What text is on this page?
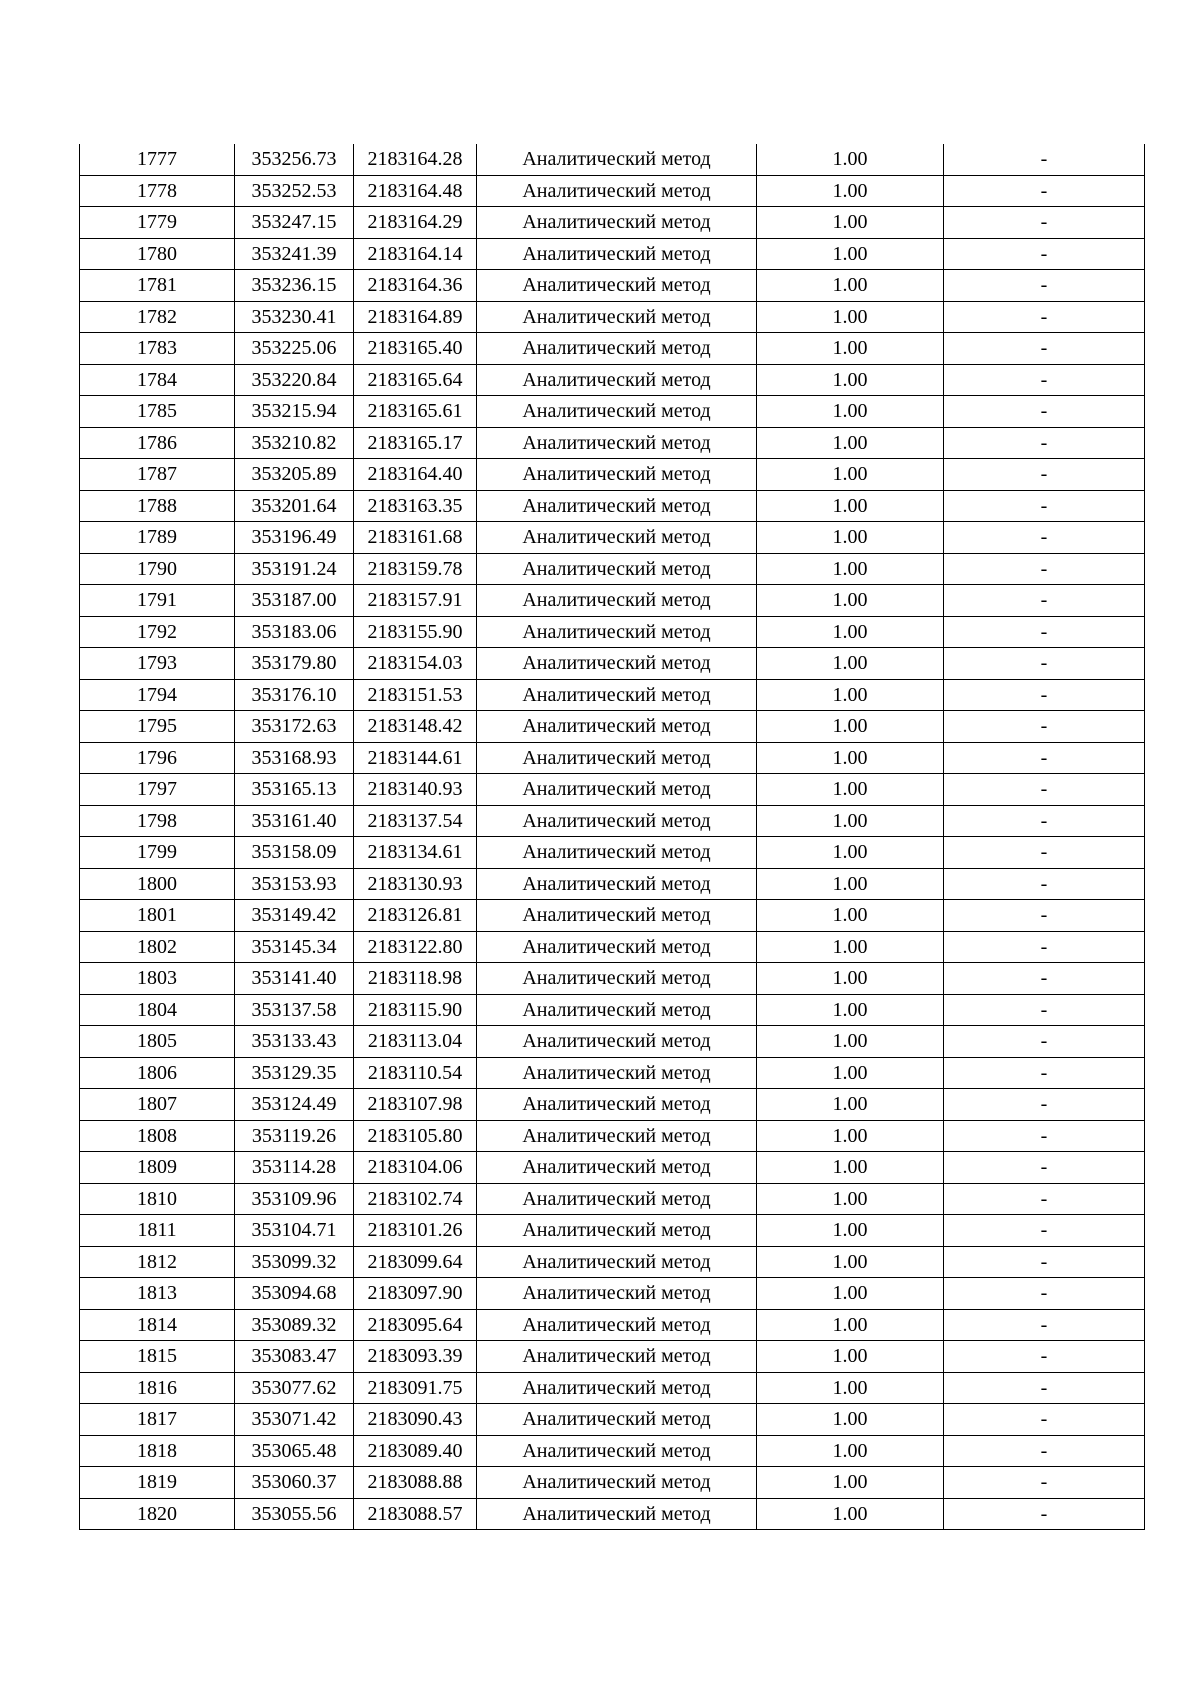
1777	353256.73	2183164.28	Аналитический метод	1.00	-
1778	353252.53	2183164.48	Аналитический метод	1.00	-
1779	353247.15	2183164.29	Аналитический метод	1.00	-
1780	353241.39	2183164.14	Аналитический метод	1.00	-
1781	353236.15	2183164.36	Аналитический метод	1.00	-
1782	353230.41	2183164.89	Аналитический метод	1.00	-
1783	353225.06	2183165.40	Аналитический метод	1.00	-
1784	353220.84	2183165.64	Аналитический метод	1.00	-
1785	353215.94	2183165.61	Аналитический метод	1.00	-
1786	353210.82	2183165.17	Аналитический метод	1.00	-
1787	353205.89	2183164.40	Аналитический метод	1.00	-
1788	353201.64	2183163.35	Аналитический метод	1.00	-
1789	353196.49	2183161.68	Аналитический метод	1.00	-
1790	353191.24	2183159.78	Аналитический метод	1.00	-
1791	353187.00	2183157.91	Аналитический метод	1.00	-
1792	353183.06	2183155.90	Аналитический метод	1.00	-
1793	353179.80	2183154.03	Аналитический метод	1.00	-
1794	353176.10	2183151.53	Аналитический метод	1.00	-
1795	353172.63	2183148.42	Аналитический метод	1.00	-
1796	353168.93	2183144.61	Аналитический метод	1.00	-
1797	353165.13	2183140.93	Аналитический метод	1.00	-
1798	353161.40	2183137.54	Аналитический метод	1.00	-
1799	353158.09	2183134.61	Аналитический метод	1.00	-
1800	353153.93	2183130.93	Аналитический метод	1.00	-
1801	353149.42	2183126.81	Аналитический метод	1.00	-
1802	353145.34	2183122.80	Аналитический метод	1.00	-
1803	353141.40	2183118.98	Аналитический метод	1.00	-
1804	353137.58	2183115.90	Аналитический метод	1.00	-
1805	353133.43	2183113.04	Аналитический метод	1.00	-
1806	353129.35	2183110.54	Аналитический метод	1.00	-
1807	353124.49	2183107.98	Аналитический метод	1.00	-
1808	353119.26	2183105.80	Аналитический метод	1.00	-
1809	353114.28	2183104.06	Аналитический метод	1.00	-
1810	353109.96	2183102.74	Аналитический метод	1.00	-
1811	353104.71	2183101.26	Аналитический метод	1.00	-
1812	353099.32	2183099.64	Аналитический метод	1.00	-
1813	353094.68	2183097.90	Аналитический метод	1.00	-
1814	353089.32	2183095.64	Аналитический метод	1.00	-
1815	353083.47	2183093.39	Аналитический метод	1.00	-
1816	353077.62	2183091.75	Аналитический метод	1.00	-
1817	353071.42	2183090.43	Аналитический метод	1.00	-
1818	353065.48	2183089.40	Аналитический метод	1.00	-
1819	353060.37	2183088.88	Аналитический метод	1.00	-
1820	353055.56	2183088.57	Аналитический метод	1.00	-
